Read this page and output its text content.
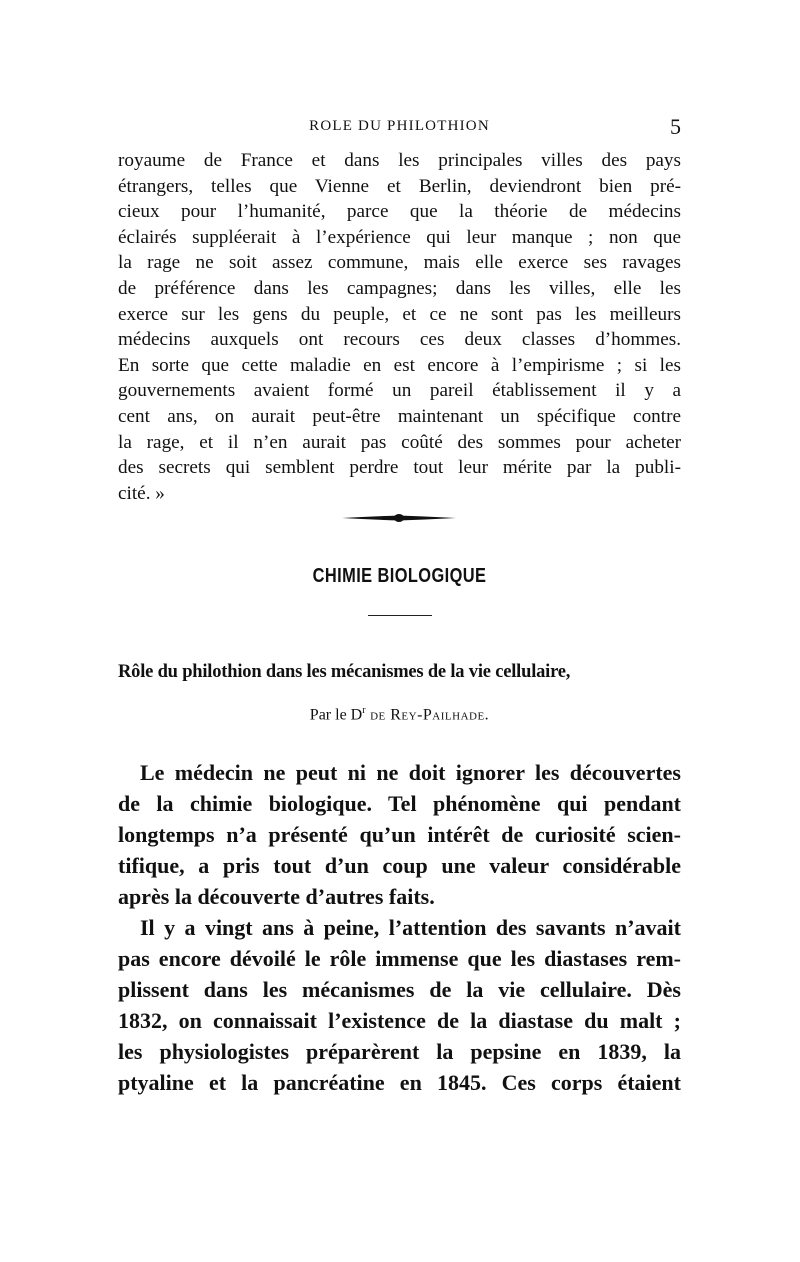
ROLE DU PHILOTHION	5
royaume de France et dans les principales villes des pays
étrangers, telles que Vienne et Berlin, deviendront bien pré-
cieux pour l’humanité, parce que la théorie de médecins
éclairés suppléerait à l’expérience qui leur manque ; non que
la rage ne soit assez commune, mais elle exerce ses ravages
de préférence dans les campagnes; dans les villes, elle les
exerce sur les gens du peuple, et ce ne sont pas les meilleurs
médecins auxquels ont recours ces deux classes d’hommes.
En sorte que cette maladie en est encore à l’empirisme ; si les
gouvernements avaient formé un pareil établissement il y a
cent ans, on aurait peut-être maintenant un spécifique contre
la rage, et il n’en aurait pas coûté des sommes pour acheter
des secrets qui semblent perdre tout leur mérite par la publi-
cité. »
CHIMIE BIOLOGIQUE
Rôle du philothion dans les mécanismes de la vie cellulaire,
Par le $D^r$ de Rey-Pailhade.
Le médecin ne peut ni ne doit ignorer les découvertes
de la chimie biologique. Tel phénomène qui pendant
longtemps n’a présenté qu’un intérêt de curiosité scien-
tifique, a pris tout d’un coup une valeur considérable
après la découverte d’autres faits.
Il y a vingt ans à peine, l’attention des savants n’avait
pas encore dévoilé le rôle immense que les diastases rem-
plissent dans les mécanismes de la vie cellulaire. Dès
1832, on connaissait l’existence de la diastase du malt ;
les physiologistes préparèrent la pepsine en 1839, la
ptyaline et la pancréatine en 1845. Ces corps étaient
